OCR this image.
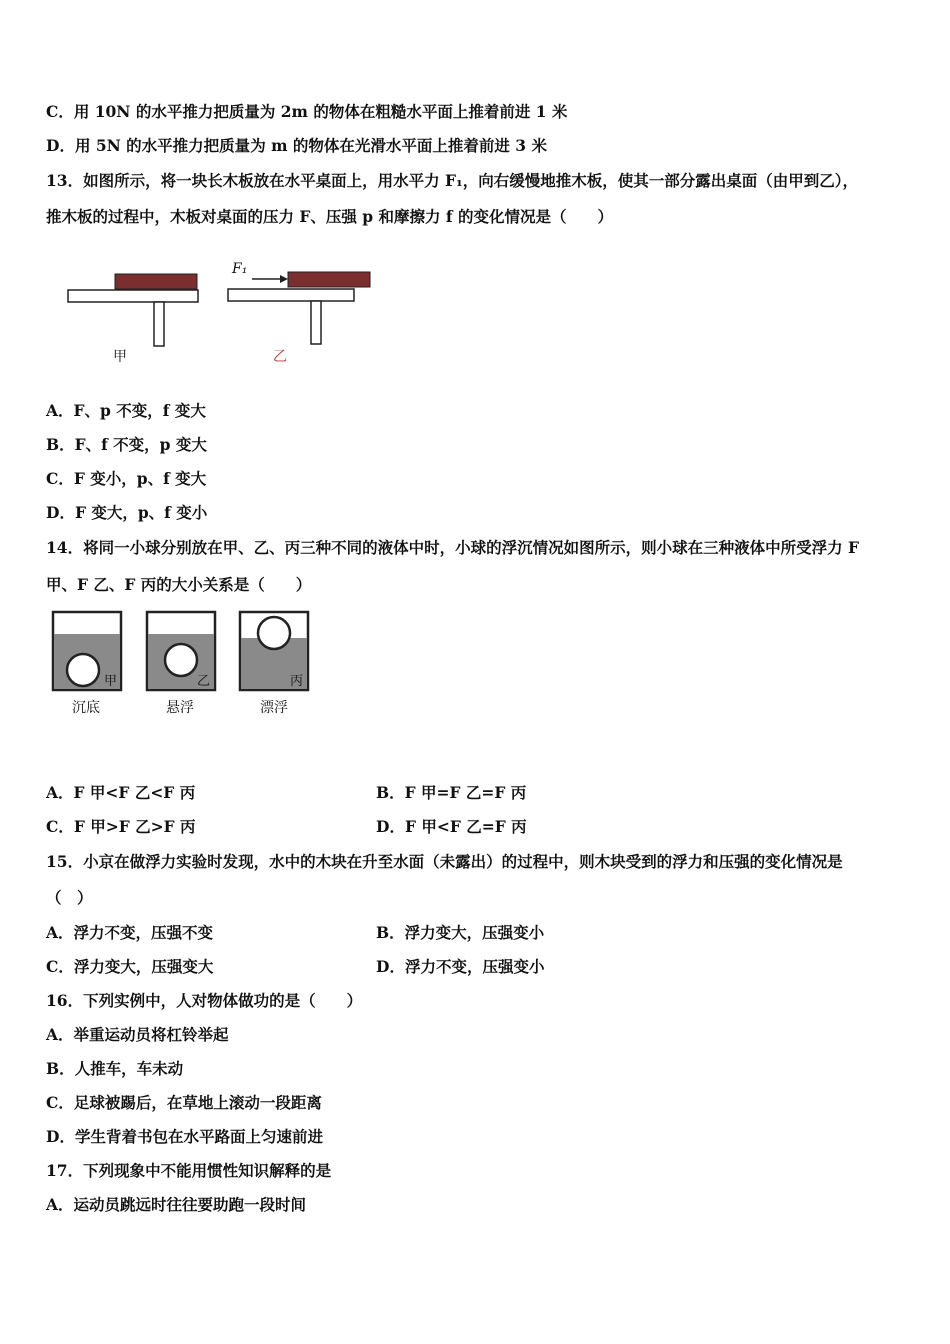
C．用 10N 的水平推力把质量为 2m 的物体在粗糙水平面上推着前进 1 米
D．用 5N 的水平推力把质量为 m 的物体在光滑水平面上推着前进 3 米
13．如图所示，将一块长木板放在水平桌面上，用水平力 F₁，向右缓慢地推木板，使其一部分露出桌面（由甲到乙），
推木板的过程中，木板对桌面的压力 F、压强 p 和摩擦力 f 的变化情况是（　　）
F₁
甲	乙
A．F、p 不变，f 变大
B．F、f 不变，p 变大
C．F 变小，p、f 变大
D．F 变大，p、f 变小
14．将同一小球分别放在甲、乙、丙三种不同的液体中时，小球的浮沉情况如图所示，则小球在三种液体中所受浮力 F
甲、F 乙、F 丙的大小关系是（　　）
甲	乙	丙
沉底	悬浮	漂浮
A．F 甲<F 乙<F 丙	B．F 甲=F 乙=F 丙
C．F 甲>F 乙>F 丙	D．F 甲<F 乙=F 丙
15．小京在做浮力实验时发现，水中的木块在升至水面（未露出）的过程中，则木块受到的浮力和压强的变化情况是
（　）
A．浮力不变，压强不变	B．浮力变大，压强变小
C．浮力变大，压强变大	D．浮力不变，压强变小
16．下列实例中，人对物体做功的是（　　）
A．举重运动员将杠铃举起
B．人推车，车未动
C．足球被踢后，在草地上滚动一段距离
D．学生背着书包在水平路面上匀速前进
17．下列现象中不能用惯性知识解释的是
A．运动员跳远时往往要助跑一段时间
